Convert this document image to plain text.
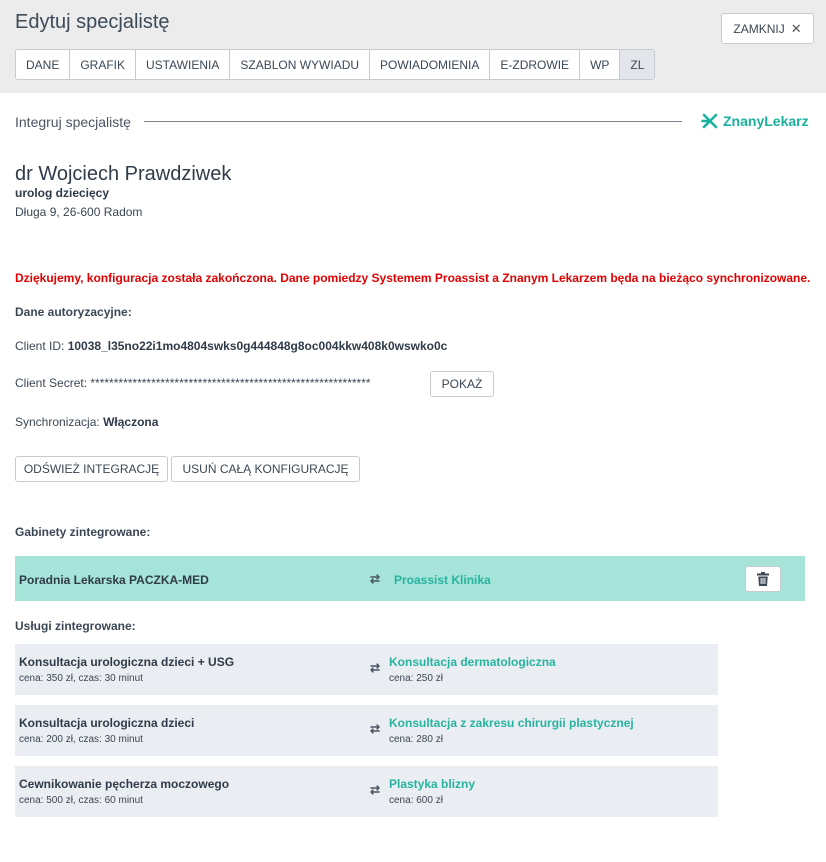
Edytuj specjalistę	ZAMKNIJ ✕
DANE	GRAFIK	USTAWIENIA	SZABLON WYWIADU	POWIADOMIENIA	E-ZDROWIE	WP	ZL
Integruj specjalistę	ZnanyLekarz
dr Wojciech Prawdziwek
urolog dziecięcy
Długa 9, 26-600 Radom
Dziękujemy, konfiguracja została zakończona. Dane pomiedzy Systemem Proassist a Znanym Lekarzem będa na bieżąco synchronizowane.
Dane autoryzacyjne:
Client ID: 10038_l35no22i1mo4804swks0g444848g8oc004kkw408k0wswko0c
Client Secret: ************************************************************	POKAŻ
Synchronizacja: Włączona
ODŚWIEŻ INTEGRACJĘ	USUŃ CAŁĄ KONFIGURACJĘ
Gabinety zintegrowane:
Poradnia Lekarska PACZKA-MED	⇄ Proassist Klinika
Usługi zintegrowane:
Konsultacja urologiczna dzieci + USG
cena: 350 zł, czas: 30 minut
⇄ Konsultacja dermatologiczna
cena: 250 zł
Konsultacja urologiczna dzieci
cena: 200 zł, czas: 30 minut
⇄ Konsultacja z zakresu chirurgii plastycznej
cena: 280 zł
Cewnikowanie pęcherza moczowego
cena: 500 zł, czas: 60 minut
⇄ Plastyka blizny
cena: 600 zł
